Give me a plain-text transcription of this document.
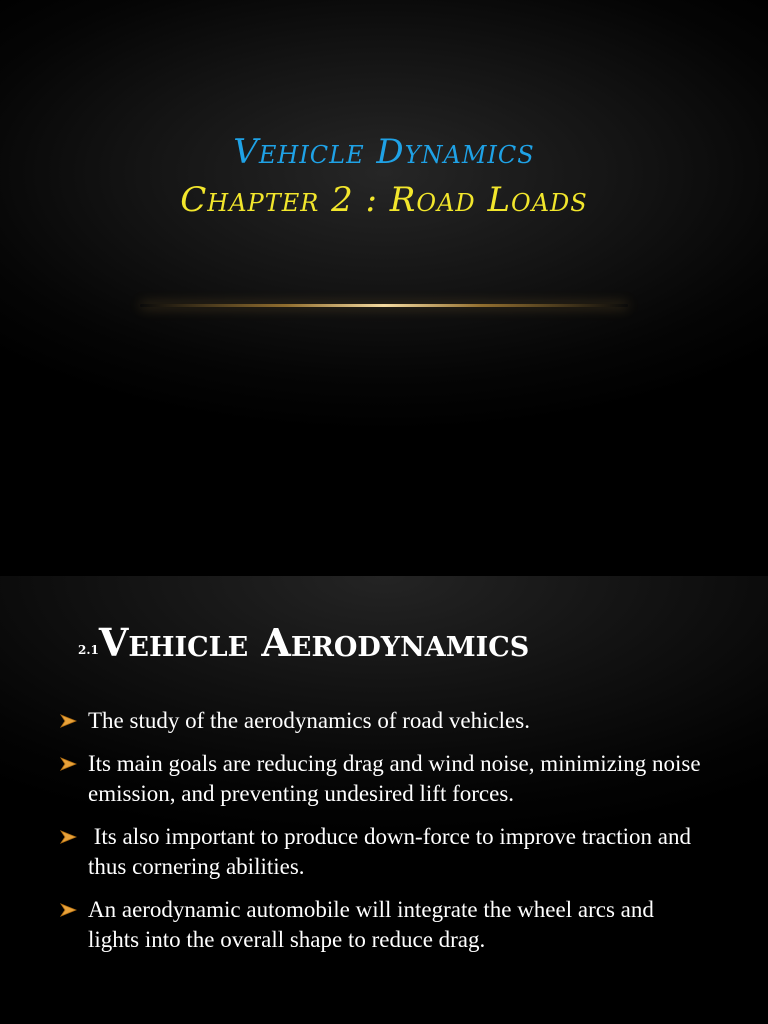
Vehicle Dynamics
Chapter 2 : Road Loads
2.1Vehicle Aerodynamics
The study of the aerodynamics of road vehicles.
Its main goals are reducing drag and wind noise, minimizing noise emission, and preventing undesired lift forces.
Its also important to produce down-force to improve traction and thus cornering abilities.
An aerodynamic automobile will integrate the wheel arcs and lights into the overall shape to reduce drag.
